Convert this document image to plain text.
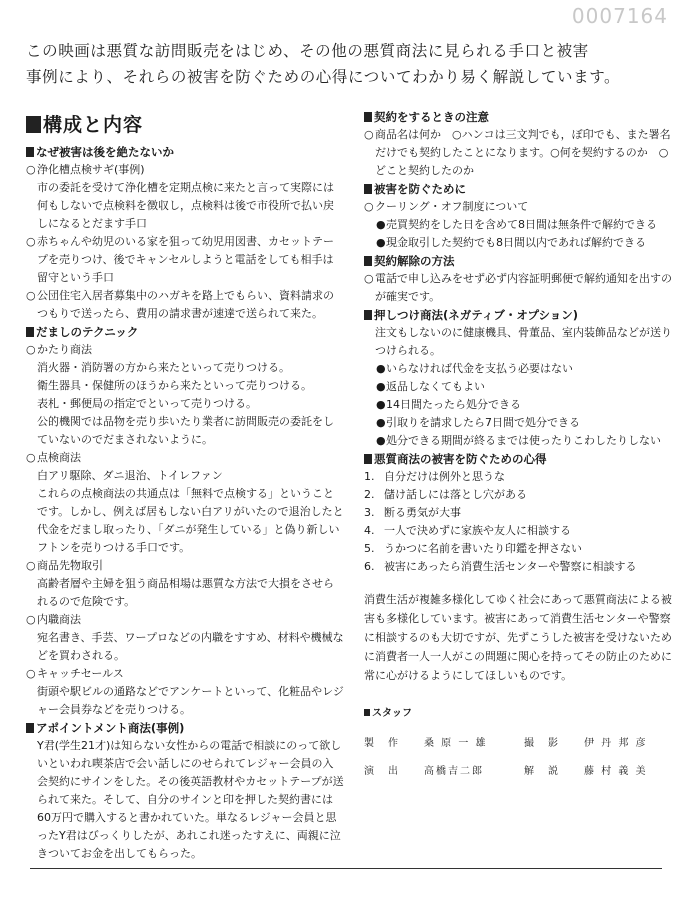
0007164

この映画は悪質な訪問販売をはじめ、その他の悪質商法に見られる手口と被害

事例により、それらの被害を防ぐための心得についてわかり易く解説しています。

構成と内容

なぜ被害は後を絶たないか

○ 浄化槽点検サギ(事例)

市の委託を受けて浄化槽を定期点検に来たと言って実際には何もしないで点検料を徴収し，点検料は後で市役所で払い戻しになるとだます手口

○ 赤ちゃんや幼児のいる家を狙って幼児用図書、カセットテープを売りつけ、後でキャンセルしようと電話をしても相手は留守という手口
○ 公団住宅入居者募集中のハガキを路上でもらい、資料請求のつもりで送ったら、費用の請求書が速達で送られて来た。

だましのテクニック

○ かたり商法

消火器・消防署の方から来たといって売りつける。

衛生器具・保健所のほうから来たといって売りつける。

表札・郵便局の指定でといって売りつける。

公的機関では品物を売り歩いたり業者に訪問販売の委託をしていないのでだまされないように。

○ 点検商法

白アリ駆除、ダニ退治、トイレファン

これらの点検商法の共通点は「無料で点検する」ということです。しかし、例えば居もしない白アリがいたので退治したと代金をだまし取ったり、「ダニが発生している」と偽り新しいフトンを売りつける手口です。

○ 商品先物取引

高齢者層や主婦を狙う商品相場は悪質な方法で大損をさせられるので危険です。

○ 内職商法

宛名書き、手芸、ワープロなどの内職をすすめ、材料や機械などを買わされる。

○ キャッチセールス

街頭や駅ビルの通路などでアンケートといって、化粧品やレジャー会員券などを売りつける。

アポイントメント商法(事例)

Y君(学生21才)は知らない女性からの電話で相談にのって欲しいといわれ喫茶店で会い話しにのせられてレジャー会員の入会契約にサインをした。その後英語教材やカセットテープが送られて来た。そして、自分のサインと印を押した契約書には60万円で購入すると書かれていた。単なるレジャー会員と思ったY君はびっくりしたが、あれこれ迷ったすえに、両親に泣きついてお金を出してもらった。

契約をするときの注意

○ 商品名は何か　○ハンコは三文判でも，ぼ印でも、また署名だけでも契約したことになります。○何を契約するのか　○どこと契約したのか

被害を防ぐために

○ クーリング・オフ制度について
● 売買契約をした日を含めて8日間は無条件で解約できる
● 現金取引した契約でも8日間以内であれば解約できる

契約解除の方法

○ 電話で申し込みをせず必ず内容証明郵便で解約通知を出すのが確実です。

押しつけ商法(ネガティブ・オプション)

注文もしないのに健康機具、骨董品、室内装飾品などが送りつけられる。

● いらなければ代金を支払う必要はない
● 返品しなくてもよい
● 14日間たったら処分できる
● 引取りを請求したら7日間で処分できる
● 処分できる期間が終るまでは使ったりこわしたりしない

悪質商法の被害を防ぐための心得

1. 自分だけは例外と思うな
2. 儲け話しには落とし穴がある
3. 断る勇気が大事
4. 一人で決めずに家族や友人に相談する
5. うかつに名前を書いたり印鑑を押さない
6. 被害にあったら消費生活センターや警察に相談する

消費生活が複雑多様化してゆく社会にあって悪質商法による被害も多様化しています。被害にあって消費生活センターや警察に相談するのも大切ですが、先ずこうした被害を受けないために消費者一人一人がこの問題に関心を持ってその防止のために常に心がけるようにしてほしいものです。

スタッフ

製　作	桑 原 一 雄	撮　影	伊 丹 邦 彦
演　出	高橋吉二郎	解　説	藤 村 義 美
